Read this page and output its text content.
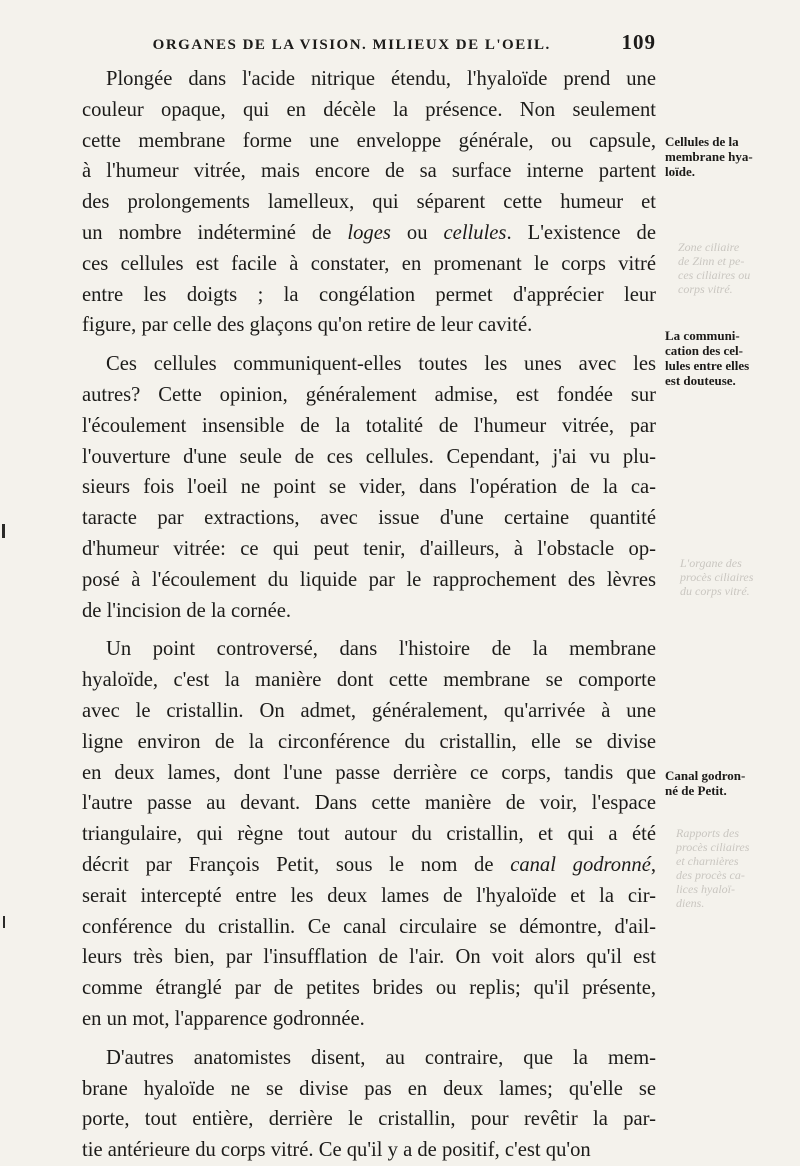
ORGANES DE LA VISION. MILIEUX DE L'OEIL.	109
Plongée dans l'acide nitrique étendu, l'hyaloïde prend une
couleur opaque, qui en décèle la présence. Non seulement
cette membrane forme une enveloppe générale, ou capsule,
à l'humeur vitrée, mais encore de sa surface interne partent
des prolongements lamelleux, qui séparent cette humeur et
un nombre indéterminé de loges ou cellules. L'existence de
ces cellules est facile à constater, en promenant le corps vitré
entre les doigts ; la congélation permet d'apprécier leur
figure, par celle des glaçons qu'on retire de leur cavité.
Ces cellules communiquent-elles toutes les unes avec les
autres? Cette opinion, généralement admise, est fondée sur
l'écoulement insensible de la totalité de l'humeur vitrée, par
l'ouverture d'une seule de ces cellules. Cependant, j'ai vu plu-
sieurs fois l'oeil ne point se vider, dans l'opération de la ca-
taracte par extractions, avec issue d'une certaine quantité
d'humeur vitrée: ce qui peut tenir, d'ailleurs, à l'obstacle op-
posé à l'écoulement du liquide par le rapprochement des lèvres
de l'incision de la cornée.
Un point controversé, dans l'histoire de la membrane
hyaloïde, c'est la manière dont cette membrane se comporte
avec le cristallin. On admet, généralement, qu'arrivée à une
ligne environ de la circonférence du cristallin, elle se divise
en deux lames, dont l'une passe derrière ce corps, tandis que
l'autre passe au devant. Dans cette manière de voir, l'espace
triangulaire, qui règne tout autour du cristallin, et qui a été
décrit par François Petit, sous le nom de canal godronné,
serait intercepté entre les deux lames de l'hyaloïde et la cir-
conférence du cristallin. Ce canal circulaire se démontre, d'ail-
leurs très bien, par l'insufflation de l'air. On voit alors qu'il est
comme étranglé par de petites brides ou replis; qu'il présente,
en un mot, l'apparence godronnée.
D'autres anatomistes disent, au contraire, que la mem-
brane hyaloïde ne se divise pas en deux lames; qu'elle se
porte, tout entière, derrière le cristallin, pour revêtir la par-
tie antérieure du corps vitré. Ce qu'il y a de positif, c'est qu'on
Cellules de la
membrane hya-
loïde.
La communi-
cation des cel-
lules entre elles
est douteuse.
Canal godron-
né de Petit.
Zone ciliaire
de Zinn et pe-
ces ciliaires ou
corps vitré.
L'organe des
procès ciliaires
du corps vitré.
Rapports des
procès ciliaires
et charnières
des procès ca-
lices hyaloï-
diens.
